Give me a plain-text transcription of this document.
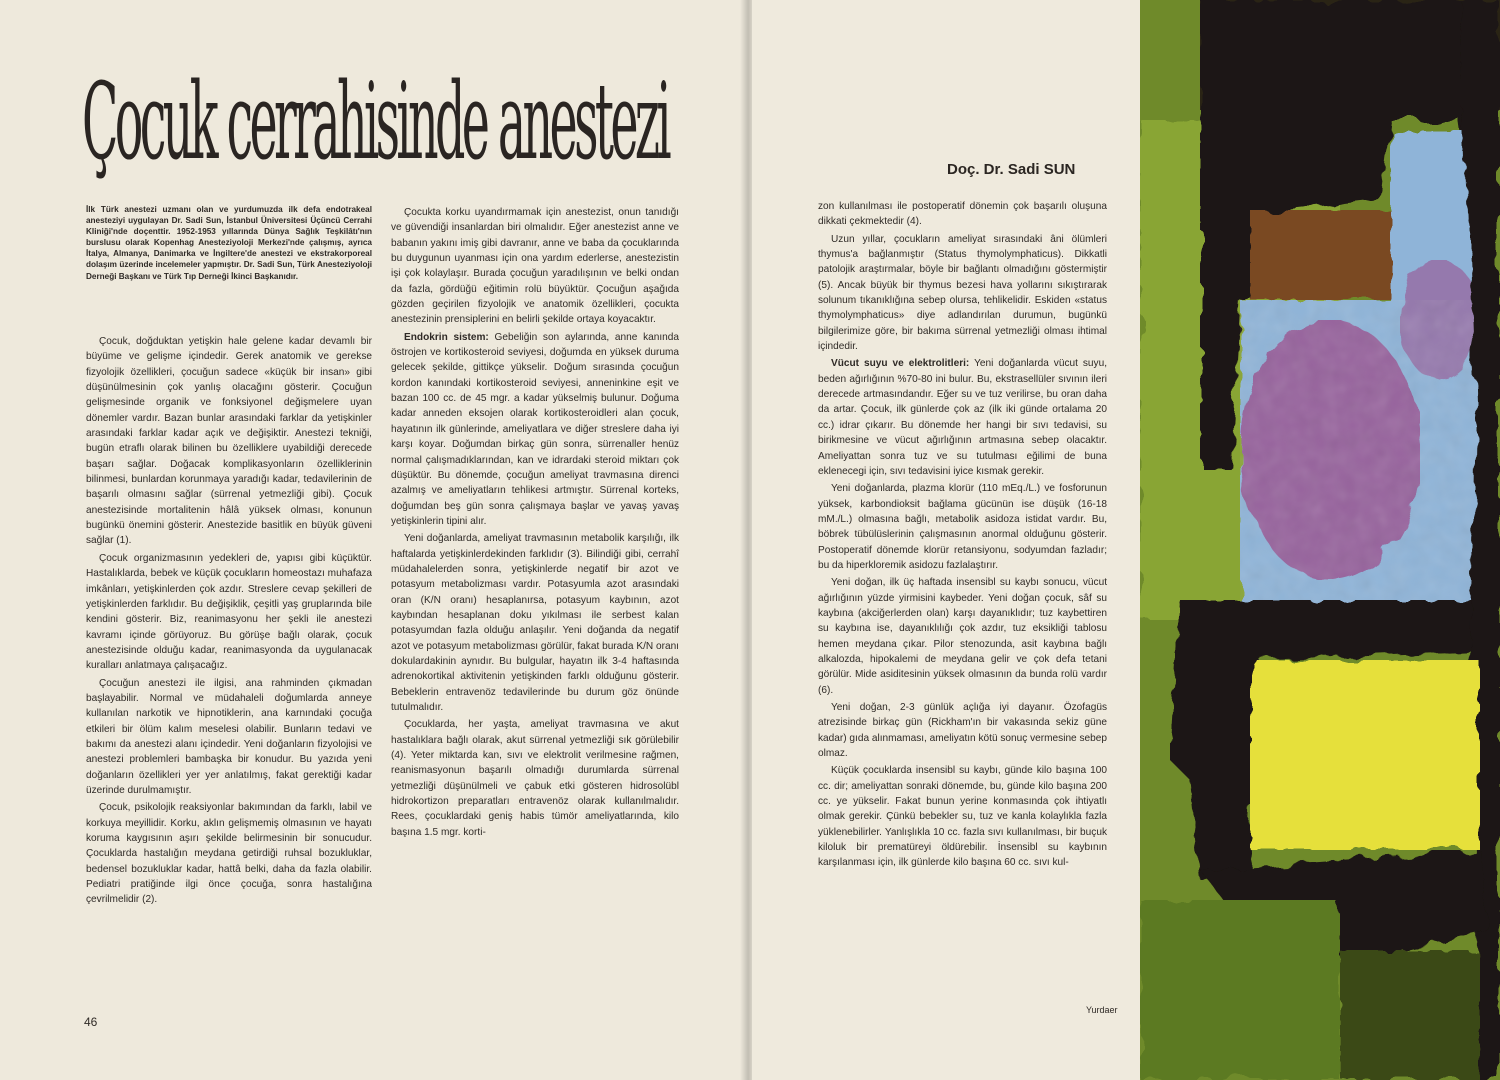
Çocuk cerrahisinde anestezi
İlk Türk anestezi uzmanı olan ve yurdumuzda ilk defa endotrakeal anesteziyi uygulayan Dr. Sadi Sun, İstanbul Üniversitesi Üçüncü Cerrahi Kliniği'nde doçenttir. 1952-1953 yıllarında Dünya Sağlık Teşkilâtı'nın burslusu olarak Kopenhag Anesteziyoloji Merkezi'nde çalışmış, ayrıca İtalya, Almanya, Danimarka ve İngiltere'de anestezi ve ekstrakorporeal dolaşım üzerinde incelemeler yapmıştır. Dr. Sadi Sun, Türk Anesteziyoloji Derneği Başkanı ve Türk Tıp Derneği İkinci Başkanıdır.

Çocuk, doğduktan yetişkin hale gelene kadar devamlı bir büyüme ve gelişme içindedir. Gerek anatomik ve gerekse fizyolojik özellikleri, çocuğun sadece «küçük bir insan» gibi düşünülmesinin çok yanlış olacağını gösterir. Çocuğun gelişmesinde organik ve fonksiyonel değişmelere uyan dönemler vardır. Bazan bunlar arasındaki farklar da yetişkinler arasındaki farklar kadar açık ve değişiktir. Anestezi tekniği, bugün etraflı olarak bilinen bu özelliklere uyabildiği derecede başarı sağlar. Doğacak komplikasyonların özelliklerinin bilinmesi, bunlardan korunmaya yaradığı kadar, tedavilerinin de başarılı olmasını sağlar (sürrenal yetmezliği gibi). Çocuk anestezisinde mortalitenin hâlâ yüksek olması, konunun bugünkü önemini gösterir. Anestezide basitlik en büyük güveni sağlar (1).

Çocuk organizmasının yedekleri de, yapısı gibi küçüktür. Hastalıklarda, bebek ve küçük çocukların homeostazı muhafaza imkânları, yetişkinlerden çok azdır. Streslere cevap şekilleri de yetişkinlerden farklıdır. Bu değişiklik, çeşitli yaş gruplarında bile kendini gösterir. Biz, reanimasyonu her şekli ile anestezi kavramı içinde görüyoruz. Bu görüşe bağlı olarak, çocuk anestezisinde olduğu kadar, reanimasyonda da uygulanacak kuralları anlatmaya çalışacağız.

Çocuğun anestezi ile ilgisi, ana rahminden çıkmadan başlayabilir. Normal ve müdahaleli doğumlarda anneye kullanılan narkotik ve hipnotiklerin, ana karnındaki çocuğa etkileri bir ölüm kalım meselesi olabilir. Bunların tedavi ve bakımı da anestezi alanı içindedir. Yeni doğanların fizyolojisi ve anestezi problemleri bambaşka bir konudur. Bu yazıda yeni doğanların özellikleri yer yer anlatılmış, fakat gerektiği kadar üzerinde durulmamıştır.

Çocuk, psikolojik reaksiyonlar bakımından da farklı, labil ve korkuya meyillidir. Korku, aklın gelişmemiş olmasının ve hayatı koruma kaygısının aşırı şekilde belirmesinin bir sonucudur. Çocuklarda hastalığın meydana getirdiği ruhsal bozukluklar, bedensel bozukluklar kadar, hattâ belki, daha da fazla olabilir. Pediatri pratiğinde ilgi önce çocuğa, sonra hastalığına çevrilmelidir (2).

Çocukta korku uyandırmamak için anestezist, onun tanıdığı ve güvendiği insanlardan biri olmalıdır. Eğer anestezist anne ve babanın yakını imiş gibi davranır, anne ve baba da çocuklarında bu duygunun uyanması için ona yardım ederlerse, anestezistin işi çok kolaylaşır. Burada çocuğun yaradılışının ve belki ondan da fazla, gördüğü eğitimin rolü büyüktür. Çocuğun aşağıda gözden geçirilen fizyolojik ve anatomik özellikleri, çocukta anestezinin prensiplerini en belirli şekilde ortaya koyacaktır.

Endokrin sistem: Gebeliğin son aylarında, anne kanında östrojen ve kortikosteroid seviyesi, doğumda en yüksek duruma gelecek şekilde, gittikçe yükselir. Doğum sırasında çocuğun kordon kanındaki kortikosteroid seviyesi, anneninkine eşit ve bazan 100 cc. de 45 mgr. a kadar yükselmiş bulunur. Doğuma kadar anneden eksojen olarak kortikosteroidleri alan çocuk, hayatının ilk günlerinde, ameliyatlara ve diğer streslere daha iyi karşı koyar. Doğumdan birkaç gün sonra, sürrenaller henüz normal çalışmadıklarından, kan ve idrardaki steroid miktarı çok düşüktür. Bu dönemde, çocuğun ameliyat travmasına direnci azalmış ve ameliyatların tehlikesi artmıştır. Sürrenal korteks, doğumdan beş gün sonra çalışmaya başlar ve yavaş yavaş yetişkinlerin tipini alır.

Yeni doğanlarda, ameliyat travmasının metabolik karşılığı, ilk haftalarda yetişkinlerdekinden farklıdır (3). Bilindiği gibi, cerrahî müdahalelerden sonra, yetişkinlerde negatif bir azot ve potasyum metabolizması vardır. Potasyumla azot arasındaki oran (K/N oranı) hesaplanırsa, potasyum kaybının, azot kaybından hesaplanan doku yıkılması ile serbest kalan potasyumdan fazla olduğu anlaşılır. Yeni doğanda da negatif azot ve potasyum metabolizması görülür, fakat burada K/N oranı dokulardakinin aynıdır. Bu bulgular, hayatın ilk 3-4 haftasında adrenokortikal aktivitenin yetişkinden farklı olduğunu gösterir. Bebeklerin entravenöz tedavilerinde bu durum göz önünde tutulmalıdır.

Çocuklarda, her yaşta, ameliyat travmasına ve akut hastalıklara bağlı olarak, akut sürrenal yetmezliği sık görülebilir (4). Yeter miktarda kan, sıvı ve elektrolit verilmesine rağmen, reanismasyonun başarılı olmadığı durumlarda sürrenal yetmezliği düşünülmeli ve çabuk etki gösteren hidrosolübl hidrokortizon preparatları entravenöz olarak kullanılmalıdır. Rees, çocuklardaki geniş habis tümör ameliyatlarında, kilo başına 1.5 mgr. korti-

46
Doç. Dr. Sadi SUN

zon kullanılması ile postoperatif dönemin çok başarılı oluşuna dikkati çekmektedir (4).

Uzun yıllar, çocukların ameliyat sırasındaki âni ölümleri thymus'a bağlanmıştır (Status thymolymphaticus). Dikkatli patolojik araştırmalar, böyle bir bağlantı olmadığını göstermiştir (5). Ancak büyük bir thymus bezesi hava yollarını sıkıştırarak solunum tıkanıklığına sebep olursa, tehlikelidir. Eskiden «status thymolymphaticus» diye adlandırılan durumun, bugünkü bilgilerimize göre, bir bakıma sürrenal yetmezliği olması ihtimal içindedir.

Vücut suyu ve elektrolitleri: Yeni doğanlarda vücut suyu, beden ağırlığının %70-80 ini bulur. Bu, ekstrasellüler sıvının ileri derecede artmasındandır. Eğer su ve tuz verilirse, bu oran daha da artar. Çocuk, ilk günlerde çok az (ilk iki günde ortalama 20 cc.) idrar çıkarır. Bu dönemde her hangi bir sıvı tedavisi, su birikmesine ve vücut ağırlığının artmasına sebep olacaktır. Ameliyattan sonra tuz ve su tutulması eğilimi de buna eklenecegi için, sıvı tedavisini iyice kısmak gerekir.

Yeni doğanlarda, plazma klorür (110 mEq./L.) ve fosforunun yüksek, karbondioksit bağlama gücünün ise düşük (16-18 mM./L.) olmasına bağlı, metabolik asidoza istidat vardır. Bu, böbrek tübülüslerinin çalışmasının anormal olduğunu gösterir. Postoperatif dönemde klorür retansiyonu, sodyumdan fazladır; bu da hiperkloremik asidozu fazlalaştırır.

Yeni doğan, ilk üç haftada insensibl su kaybı sonucu, vücut ağırlığının yüzde yirmisini kaybeder. Yeni doğan çocuk, sâf su kaybına (akciğerlerden olan) karşı dayanıklıdır; tuz kaybettiren su kaybına ise, dayanıklılığı çok azdır, tuz eksikliği tablosu hemen meydana çıkar. Pilor stenozunda, asit kaybına bağlı alkalozda, hipokalemi de meydana gelir ve çok defa tetani görülür. Mide asiditesinin yüksek olmasının da bunda rolü vardır (6).

Yeni doğan, 2-3 günlük açlığa iyi dayanır. Özofagüs atrezisinde birkaç gün (Rickham'ın bir vakasında sekiz güne kadar) gıda alınmaması, ameliyatın kötü sonuç vermesine sebep olmaz.

Küçük çocuklarda insensibl su kaybı, günde kilo başına 100 cc. dir; ameliyattan sonraki dönemde, bu, günde kilo başına 200 cc. ye yükselir. Fakat bunun yerine konmasında çok ihtiyatlı olmak gerekir. Çünkü bebekler su, tuz ve kanla kolaylıkla fazla yüklenebilirler. Yanlışlıkla 10 cc. fazla sıvı kullanılması, bir buçuk kiloluk bir prematüreyi öldürebilir. İnsensibl su kaybının karşılanması için, ilk günlerde kilo başına 60 cc. sıvı kul-

Yurdaer
